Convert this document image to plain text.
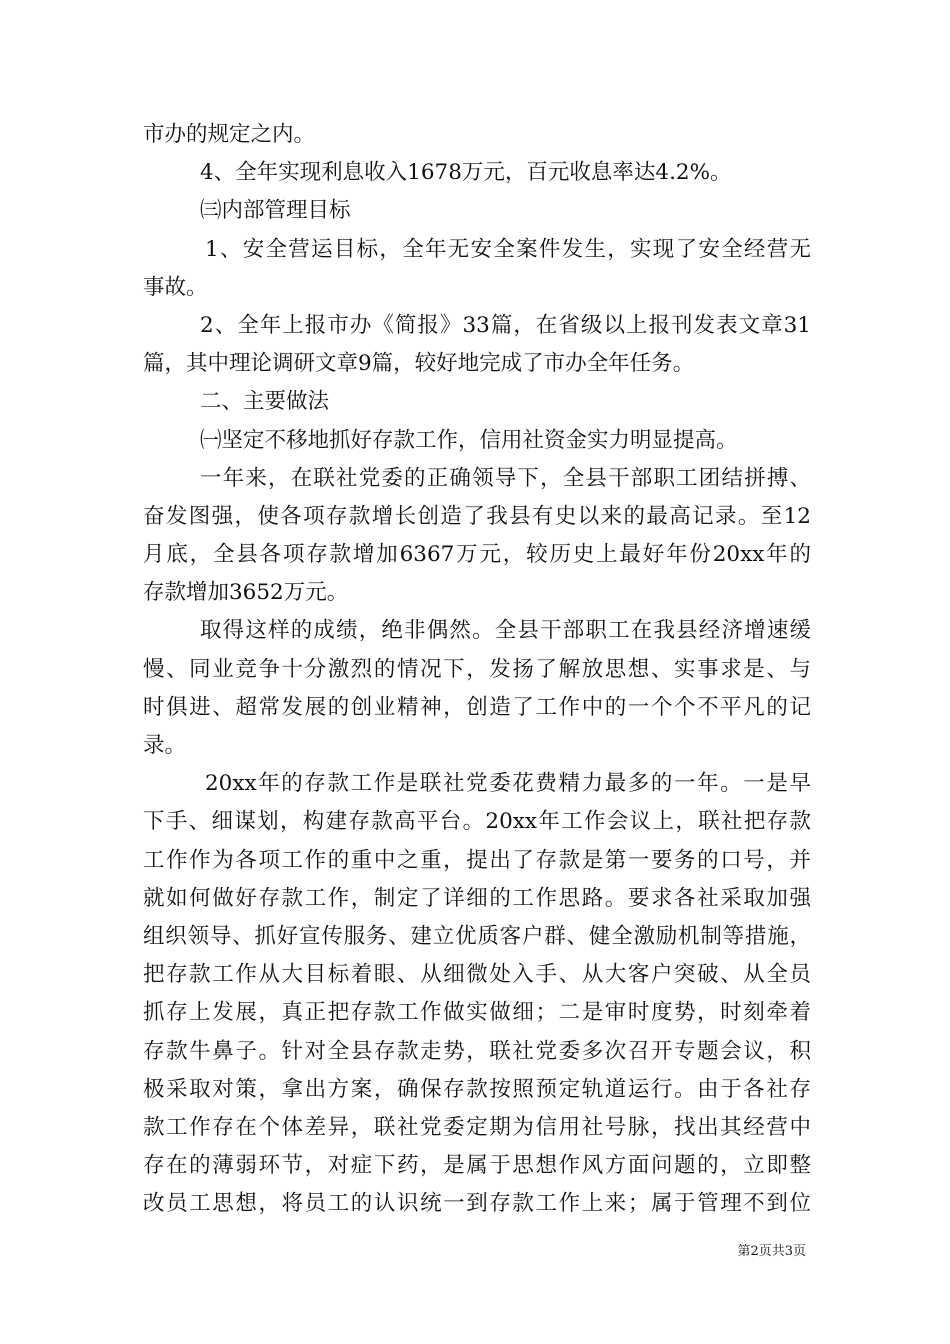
市办的规定之内。
4、全年实现利息收入1678万元，百元收息率达4.2%。
㈢内部管理目标
1、安全营运目标，全年无安全案件发生，实现了安全经营无
事故。
2、全年上报市办《简报》33篇，在省级以上报刊发表文章31
篇，其中理论调研文章9篇，较好地完成了市办全年任务。
二、主要做法
㈠坚定不移地抓好存款工作，信用社资金实力明显提高。
一年来，在联社党委的正确领导下，全县干部职工团结拼搏、
奋发图强，使各项存款增长创造了我县有史以来的最高记录。至12
月底，全县各项存款增加6367万元，较历史上最好年份20xx年的
存款增加3652万元。
取得这样的成绩，绝非偶然。全县干部职工在我县经济增速缓
慢、同业竞争十分激烈的情况下，发扬了解放思想、实事求是、与
时俱进、超常发展的创业精神，创造了工作中的一个个不平凡的记
录。
20xx年的存款工作是联社党委花费精力最多的一年。一是早
下手、细谋划，构建存款高平台。20xx年工作会议上，联社把存款
工作作为各项工作的重中之重，提出了存款是第一要务的口号，并
就如何做好存款工作，制定了详细的工作思路。要求各社采取加强
组织领导、抓好宣传服务、建立优质客户群、健全激励机制等措施，
把存款工作从大目标着眼、从细微处入手、从大客户突破、从全员
抓存上发展，真正把存款工作做实做细；二是审时度势，时刻牵着
存款牛鼻子。针对全县存款走势，联社党委多次召开专题会议，积
极采取对策，拿出方案，确保存款按照预定轨道运行。由于各社存
款工作存在个体差异，联社党委定期为信用社号脉，找出其经营中
存在的薄弱环节，对症下药，是属于思想作风方面问题的，立即整
改员工思想，将员工的认识统一到存款工作上来；属于管理不到位
第2页共3页
